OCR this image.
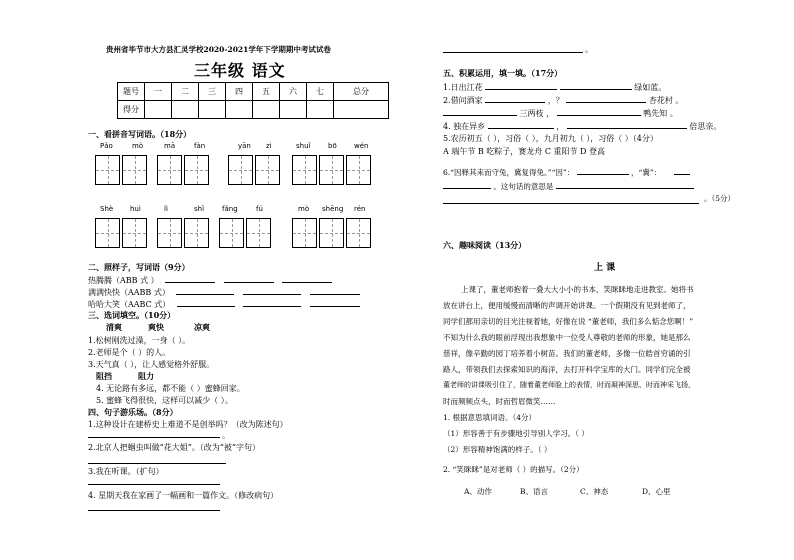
贵州省毕节市大方县汇灵学校2020-2021学年下学期期中考试试卷
三年级 语文
题号	一	二	三	四	五	六	七	总分
得分								
一、看拼音写词语。（18分）
Pǎo	mò	mā	fàn	yān zi	shuǐ	bō wén
Shè huì	lì	shǐ	fǎng	fú	mò shēng rén
二、照样子，写词语（9分）
热腾腾（ABB 式 ）
满满快快（AABB 式）
哈哈大笑（AABC 式）
三、选词填空。（10分）
清爽	爽快	凉爽
1.松树刚洗过澡，一身（ ）。
2.老师是个（ ）的人。
3.天气真（ ），让人感觉格外舒服。
阻挡	阻力
4. 无论路有多远，都不能（ ）蜜蜂回家。
5. 蜜蜂飞得很快，这样可以减少（ ）。
四、句子游乐场。（8分）
1.这种设计在建桥史上难道不是创举吗？（改为陈述句）
。
2.北京人把蝈虫叫做“花大姐”。（改为“被”字句）
3.我在听课。（扩句）
4. 星期天我在家画了一幅画和一篇作文。（修改病句）
。
五、积累运用，填一填。（17分）
1.日出江花	绿如蓝。
2.借问酒家	，？	杏花村 。
三两枝 ，	鸭先知 。
4. 独在异乡	，	倍思亲。
5.农历初五（ ），习俗（ ），九月初九（ ），习俗（ ）（4分）
A 端午节 B 吃粽子，赛龙舟 C 重阳节 D 登高
6.“因释其耒而守兔，冀复得兔。”“因”：	，“冀”：
。这句话的意思是
。（5分）
六、趣味阅读（13分）
上 课
上课了，董老师抱着一叠大大小小的书本，笑眯眯地走进教室。她将书
放在讲台上，便用缓慢而清晰的声调开始讲课。一个假期没有见到老师了，
同学们都用亲切的目光注视着她，好像在说 “董老师，我们多么惦念您啊！”
不知为什么我的眼前浮现出我想象中一位受人尊敬的老师的形象，她是那么
慈祥，像辛勤的园丁培养着小树苗。我们的董老师，多像一位皓首穷诵的引
路人，带领我们去探索知识的海洋，去打开科学宝库的大门。同学们完全被
董老师的讲课吸引住了，随着董老师脸上的表情，时而凝神深思，时而神采飞扬，
时而频频点头，时而哲眉微笑……
1. 根据意思填词语。（4分）
（1）形容善于有步骤地引导别人学习。（ ）
（2）形容精神饱满的样子。（ ）
2. “笑眯眯”是对老师（ ）的描写。（2分）
A、动作	B、语言	C、神态	D、心里
